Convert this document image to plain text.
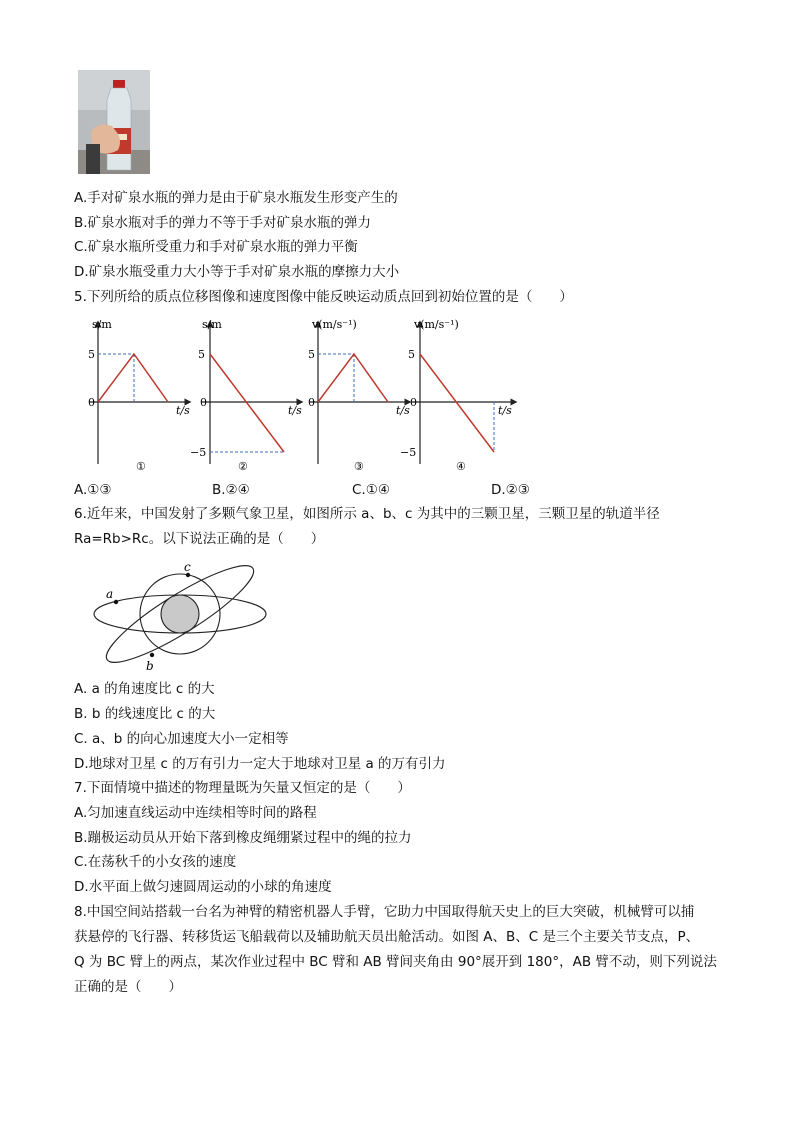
A.手对矿泉水瓶的弹力是由于矿泉水瓶发生形变产生的
B.矿泉水瓶对手的弹力不等于手对矿泉水瓶的弹力
C.矿泉水瓶所受重力和手对矿泉水瓶的弹力平衡
D.矿泉水瓶受重力大小等于手对矿泉水瓶的摩擦力大小
5.下列所给的质点位移图像和速度图像中能反映运动质点回到初始位置的是（　　）
s/m
t/s
5
0
①
s/m
t/s
5
−5
0
②
v(m/s⁻¹)
t/s
5
0
③
v(m/s⁻¹)
t/s
5
−5
0
④
A.①③	B.②④	C.①④	D.②③
6.近年来，中国发射了多颗气象卫星，如图所示 a、b、c 为其中的三颗卫星，三颗卫星的轨道半径
Ra=Rb>Rc。以下说法正确的是（　　）
a
c
b
A. a 的角速度比 c 的大
B. b 的线速度比 c 的大
C. a、b 的向心加速度大小一定相等
D.地球对卫星 c 的万有引力一定大于地球对卫星 a 的万有引力
7.下面情境中描述的物理量既为矢量又恒定的是（　　）
A.匀加速直线运动中连续相等时间的路程
B.蹦极运动员从开始下落到橡皮绳绷紧过程中的绳的拉力
C.在荡秋千的小女孩的速度
D.水平面上做匀速圆周运动的小球的角速度
8.中国空间站搭载一台名为神臂的精密机器人手臂，它助力中国取得航天史上的巨大突破，机械臂可以捕
获悬停的飞行器、转移货运飞船载荷以及辅助航天员出舱活动。如图 A、B、C 是三个主要关节支点，P、
Q 为 BC 臂上的两点，某次作业过程中 BC 臂和 AB 臂间夹角由 90°展开到 180°，AB 臂不动，则下列说法
正确的是（　　）
